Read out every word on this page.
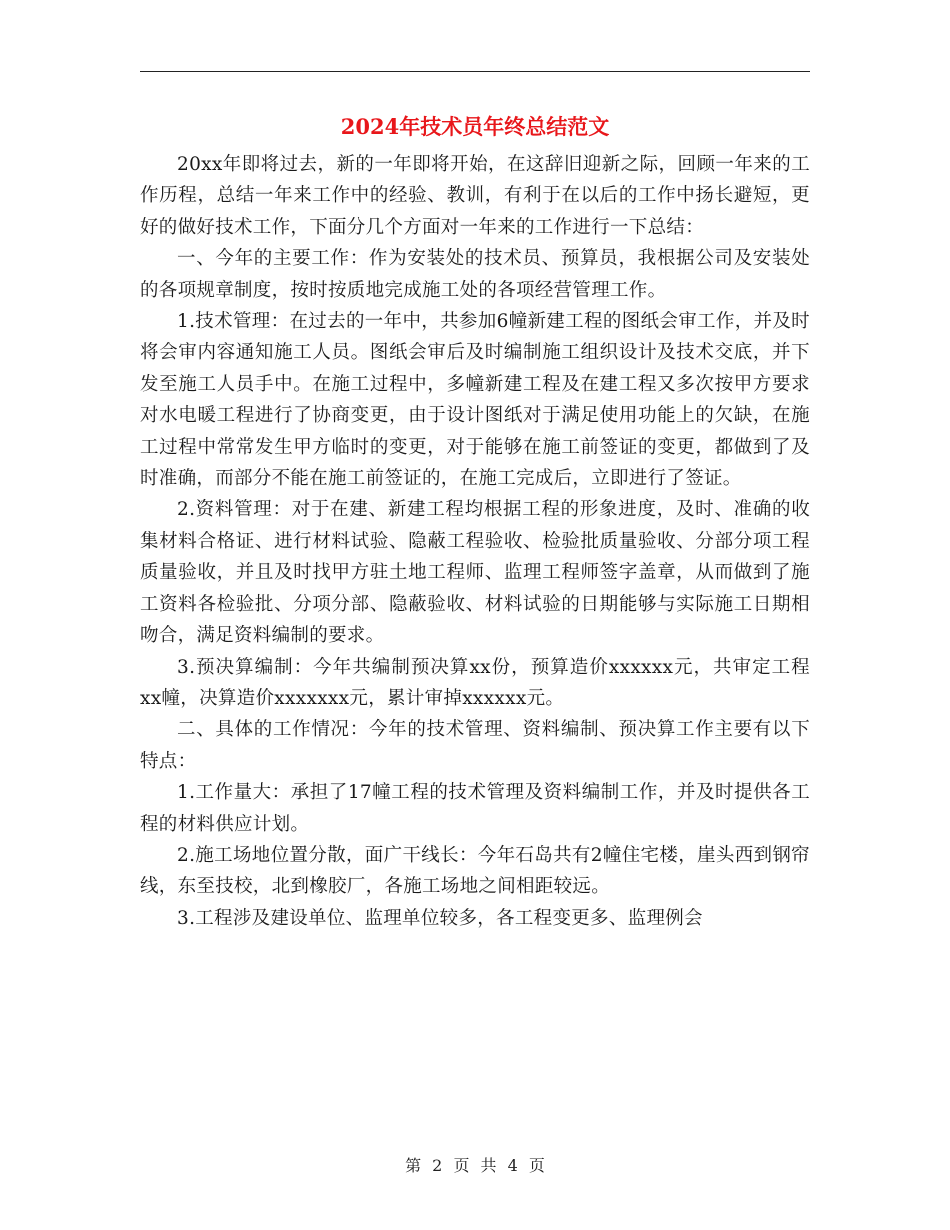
2024年技术员年终总结范文

20xx年即将过去，新的一年即将开始，在这辞旧迎新之际，回顾一年来的工作历程，总结一年来工作中的经验、教训，有利于在以后的工作中扬长避短，更好的做好技术工作，下面分几个方面对一年来的工作进行一下总结：

一、今年的主要工作：作为安装处的技术员、预算员，我根据公司及安装处的各项规章制度，按时按质地完成施工处的各项经营管理工作。

1.技术管理：在过去的一年中，共参加6幢新建工程的图纸会审工作，并及时将会审内容通知施工人员。图纸会审后及时编制施工组织设计及技术交底，并下发至施工人员手中。在施工过程中，多幢新建工程及在建工程又多次按甲方要求对水电暖工程进行了协商变更，由于设计图纸对于满足使用功能上的欠缺，在施工过程中常常发生甲方临时的变更，对于能够在施工前签证的变更，都做到了及时准确，而部分不能在施工前签证的，在施工完成后，立即进行了签证。

2.资料管理：对于在建、新建工程均根据工程的形象进度，及时、准确的收集材料合格证、进行材料试验、隐蔽工程验收、检验批质量验收、分部分项工程质量验收，并且及时找甲方驻土地工程师、监理工程师签字盖章，从而做到了施工资料各检验批、分项分部、隐蔽验收、材料试验的日期能够与实际施工日期相吻合，满足资料编制的要求。

3.预决算编制：今年共编制预决算xx份，预算造价xxxxxx元，共审定工程xx幢，决算造价xxxxxxx元，累计审掉xxxxxx元。

二、具体的工作情况：今年的技术管理、资料编制、预决算工作主要有以下特点：

1.工作量大：承担了17幢工程的技术管理及资料编制工作，并及时提供各工程的材料供应计划。

2.施工场地位置分散，面广干线长：今年石岛共有2幢住宅楼，崖头西到钢帘线，东至技校，北到橡胶厂，各施工场地之间相距较远。

3.工程涉及建设单位、监理单位较多，各工程变更多、监理例会

第 2 页 共 4 页
